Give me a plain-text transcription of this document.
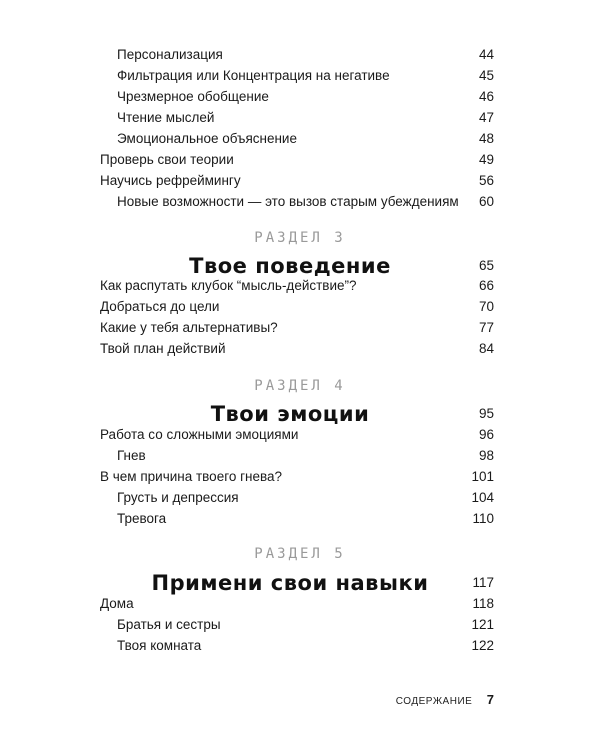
Персонализация	44
Фильтрация или Концентрация на негативе	45
Чрезмерное обобщение	46
Чтение мыслей	47
Эмоциональное объяснение	48
Проверь свои теории	49
Научись рефреймингу	56
Новые возможности — это вызов старым убеждениям 60
РАЗДЕЛ 3
Твое поведение	65
Как распутать клубок “мысль-действие”?	66
Добраться до цели	70
Какие у тебя альтернативы?	77
Твой план действий	84
РАЗДЕЛ 4
Твои эмоции	95
Работа со сложными эмоциями	96
Гнев	98
В чем причина твоего гнева?	101
Грусть и депрессия	104
Тревога	110
РАЗДЕЛ 5
Примени свои навыки	117
Дома	118
Братья и сестры	121
Твоя комната	122
СОДЕРЖАНИЕ 7
